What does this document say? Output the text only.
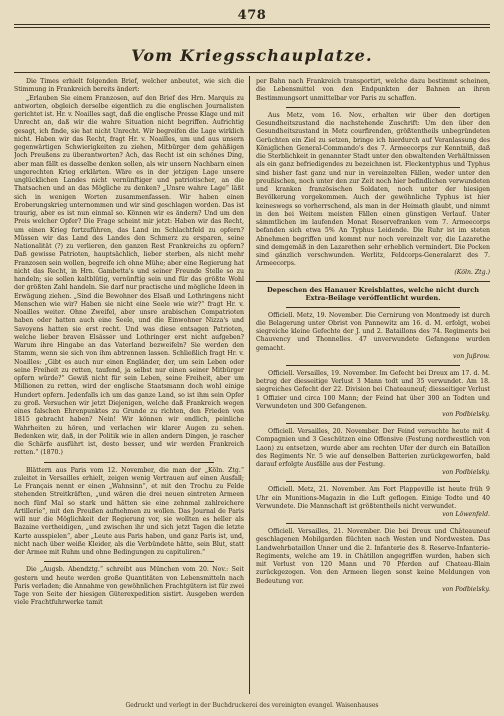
478
Vom Kriegsschauplatze.

Die Times erhielt folgenden Brief, welcher anbeutet, wie sich die Stimmung in Frankreich bereits ändert:

„Erlauben Sie einem Franzosen, auf den Brief des Hrn. Marquis zu antworten, obgleich derselbe eigentlich zu die englischen Journalisten gerichtet ist. Hr. v. Noailles sagt, daß die englische Presse Klage und mit Unrecht an, daß wir die wahre Situation nicht begriffen. Aufrichtig gesagt, ich finde, sie hat nicht Unrecht. Wir begreifen die Lage wirklich nicht. Haben wir das Recht, fragt Hr. v. Noailles, um und aus unsern gegenwärtigen Schwierigkeiten zu ziehen, Mitbürger dem gehäßigen Joch Preußens zu überantworten? Ach, das Recht ist ein schönes Ding, aber man fällt es dasselbe denken sollen, als wir unsern Nachbarn einen ungerechten Krieg erklärten. Wäre es in der jetzigen Lage unsere unglücklichen Landes nicht vernünftiger und patriotischer, an die Thatsachen und an das Mögliche zu denken? „Unsre wahre Lage“ läßt sich in wenigen Worten zusammenfassen. Wir haben einen Eroberungskrieg unternommen und wir sind geschlagen worden. Das ist traurig, aber es ist nun einmal so. Können wir es ändern? Und um den Preis welcher Opfer? Die Frage scheint mir jetzt: Haben wir das Recht, um einen Krieg fortzuführen, das Land im Schlachtfeld zu opfern? Müssen wir das Land des Landes den Schmerz zu ersparen, seine Nationalität (?) zu verlieren, den ganzen Rest Frankreichs zu opfern? Daß gewisse Patrioten, hauptsächlich, lieber sterben, als nicht mehr Franzosen sein wollen, begreife ich ohne Mühe; aber eine Regierung hat nicht das Recht, in Hrn. Gambetta's und seiner Freunde Stelle so zu handeln; sie sollen kaltblütig, vernünftig sein und für das größte Wohl der größten Zahl handeln. Sie darf nur practische und mögliche Ideen in Erwägung ziehen. „Sind die Bewohner des Elsaß und Lothringens nicht Menschen wie wir? Haben sie nicht eine Seele wie wir?“ fragt Hr. v. Noailles weiter. Ohne Zweifel, aber unsre arabischen Compatrioten haben oder hatten auch eine Seele, und die Einwohner Nizza's und Savoyens hatten sie erst recht. Und was diese entsagen Patrioten, welche lieber braven Elsässer und Lothringer erst nicht aufgeben? Warum ihre Hingabe an das Vaterland bezweifeln? Sie werden den Stamm, wenn sie sich von ihm abtrennen lassen. Schließlich fragt Hr. v. Noailles: „Gibt es auch nur einen Engländer, der, um sein Leben oder seine Freiheit zu retten, taufend, ja selbst nur einen seiner Mitbürger opfern würde?“ Gewiß nicht für sein Leben, seine Freiheit, aber um Millionen zu retten, wird der englische Staatsmann doch wohl einige Hundert opfern. Jedenfalls ich um das ganze Land, so ist ihm sein Opfer zu groß. Versuchen wir jetzt Diejenigen, welche daß Frankreich wegen eines falschen Ehrenpunktes zu Grunde zu richten, den Frieden von 1815 gebracht haben? Nein! Wir können wir endlich, peinliche Wahrheiten zu hören, und verlachen wir klarer Augen zu sehen. Bedenken wir, daß, in der Politik wie in allen andern Dingen, je rascher die Schärfe ausführt ist, desto besser, und wir werden Frankreich retten.“ (1870.)

Blättern aus Paris vom 12. November, die man der „Köln. Ztg.“ zuleitet in Versailles erhielt, zeigen wenig Vertrauen auf einen Ausfall; Le Français nennt er einen „Wahnsinn“, et mit den Trochu zu Felde stehenden Streitkräften, „und wären die drei neuen eintreten Armeen noch fünf Mal so stark und hätten sie eine zehnmal zahlreichere Artillerie“, mit den Preußen aufnehmen zu wollen. Das Journal de Paris will nur die Möglichkeit der Regierung vor, sie wollten es heller als Bazaine vertheidigen, „und zwischen ihr und sich jetzt Tagen die letzte Karte ausspielen“, aber „Leute aus Paris haben, und ganz Paris ist, und, nicht nach über weiße Kleider, als die Verbündete hätte, sein Blut, statt der Armee mit Ruhm und ohne Bedingungen zu capituliren.“

Die „Augsb. Abendztg.“ schreibt aus München vom 20. Nov.: Seit gestern und heute werden große Quantitäten von Lebensmitteln nach Paris verladen; die Annahme von gewöhnlichen Frachtgütern ist für zwei Tage von Seite der hiesigen Güterexpedition sistirt. Ausgeben werden viele Frachtfuhrwerke tamit

per Bahn nach Frankreich transportirt, welche dazu bestimmt scheinen, die Lebensmittel von den Endpunkten der Bahnen an ihren Bestimmungsort unmittelbar vor Paris zu schaffen.

Aus Metz, vom 16. Nov., erhalten wir über den dortigen Gesundheitszustand die nachstehende Zuschrift: Um den über den Gesundheitszustand in Metz courfirenden, größtentheils unbegründeten Gerüchten ein Ziel zu setzen, bringe ich hierdurch auf Veranlassung des Königlichen General-Commando's des 7. Armeecorps zur Kenntniß, daß die Sterblichkeit in genannter Stadt unter den obwaltenden Verhältnissen als ein ganz befriedigendes zu bezeichnen ist. Fleckentyphus und Typhus sind bisher fast ganz und nur in vereinzelten Fällen, weder unter den preußischen, noch unter den zur Zeit noch hier befindlichen verwundeten und kranken französischen Soldaten, noch unter der hiesigen Bevölkerung vorgekommen. Auch der gewöhnliche Typhus ist hier keineswegs so vorherrschend, als man in der Heimath glaubt, und nimmt in den bei Weitem meisten Fällen einen günstigen Verlauf. Unter sämmtlichen im laufenden Monat Reservefranken vom 7. Armeecorps befanden sich etwa 5% An Typhus Leidende. Die Ruhr ist im steten Abnehmen begriffen und kommt nur noch vereinzelt vor, die Lazarethe sind demgemäß in den Lazarethen sehr erheblich vermindert. Die Pocken sind gänzlich verschwunden. Werlitz, Feldcorps-Generalarzt des 7. Armeecorps.

(Köln. Ztg.)

Depeschen des Hanauer Kreisblattes, welche nicht durch Extra-Beilage veröffentlicht wurden.

Officiell. Metz, 19. November. Die Cernirung von Montmedy ist durch die Belagerung unter Obrist von Pannewitz am 16. d. M. erfolgt, wobei siegreiche kleine Gefechte der J. und 2. Bataillons des 74. Regiments bei Chauvency und Thonnelles. 47 unverwundete Gefangene wurden gemacht.

von Jußrow.

Officiell. Versailles, 19. November. Im Gefecht bei Dreux am 17. d. M. betrug der diesseitige Verlust 3 Mann todt und 35 verwundet. Am 18. siegreiches Gefecht der 22. Division bei Chateauneuf; diesseitiger Verlust 1 Offizier und circa 100 Mann; der Feind hat über 300 an Todten und Verwundeten und 300 Gefangenen.

von Podbielsky.

Officiell. Versailles, 20. November. Der Feind versuchte heute mit 4 Compagnien und 3 Geschützen eine Offensive (Festung nordwestlich von Laon) zu entsetzen, wurde aber am rechten Ufer der durch ein Bataillon des Regiments Nr. 5 wie auf denselben Batterien zurückgeworfen, bald darauf erfolgte Ausfälle aus der Festung.

von Podbielsky.

Officiell. Metz, 21. November. Am Fort Plappeville ist heute früh 9 Uhr ein Munitions-Magazin in die Luft geflogen. Einige Todte und 40 Verwundete. Die Mannschaft ist größtentheils nicht verwundet.

von Löwenfeld.

Officiell. Versailles, 21. November. Die bei Dreux und Châteauneuf geschlagenen Mobilgarden flüchten nach Westen und Nordwesten. Das Landwehrbataillon Unner und die 2. Infanterie des 8. Reserve-Infanterie-Regiments, welche am 19. in Châtillon angegriffen wurden, haben sich mit Verlust von 120 Mann und 70 Pferden auf Chateau-Blain zurückgezogen. Von den Armeen liegen sonst keine Meldungen von Bedeutung vor.

von Podbielsky.

Gedruckt und verlegt in der Buchdruckerei des vereinigten evangel. Waisenhauses
